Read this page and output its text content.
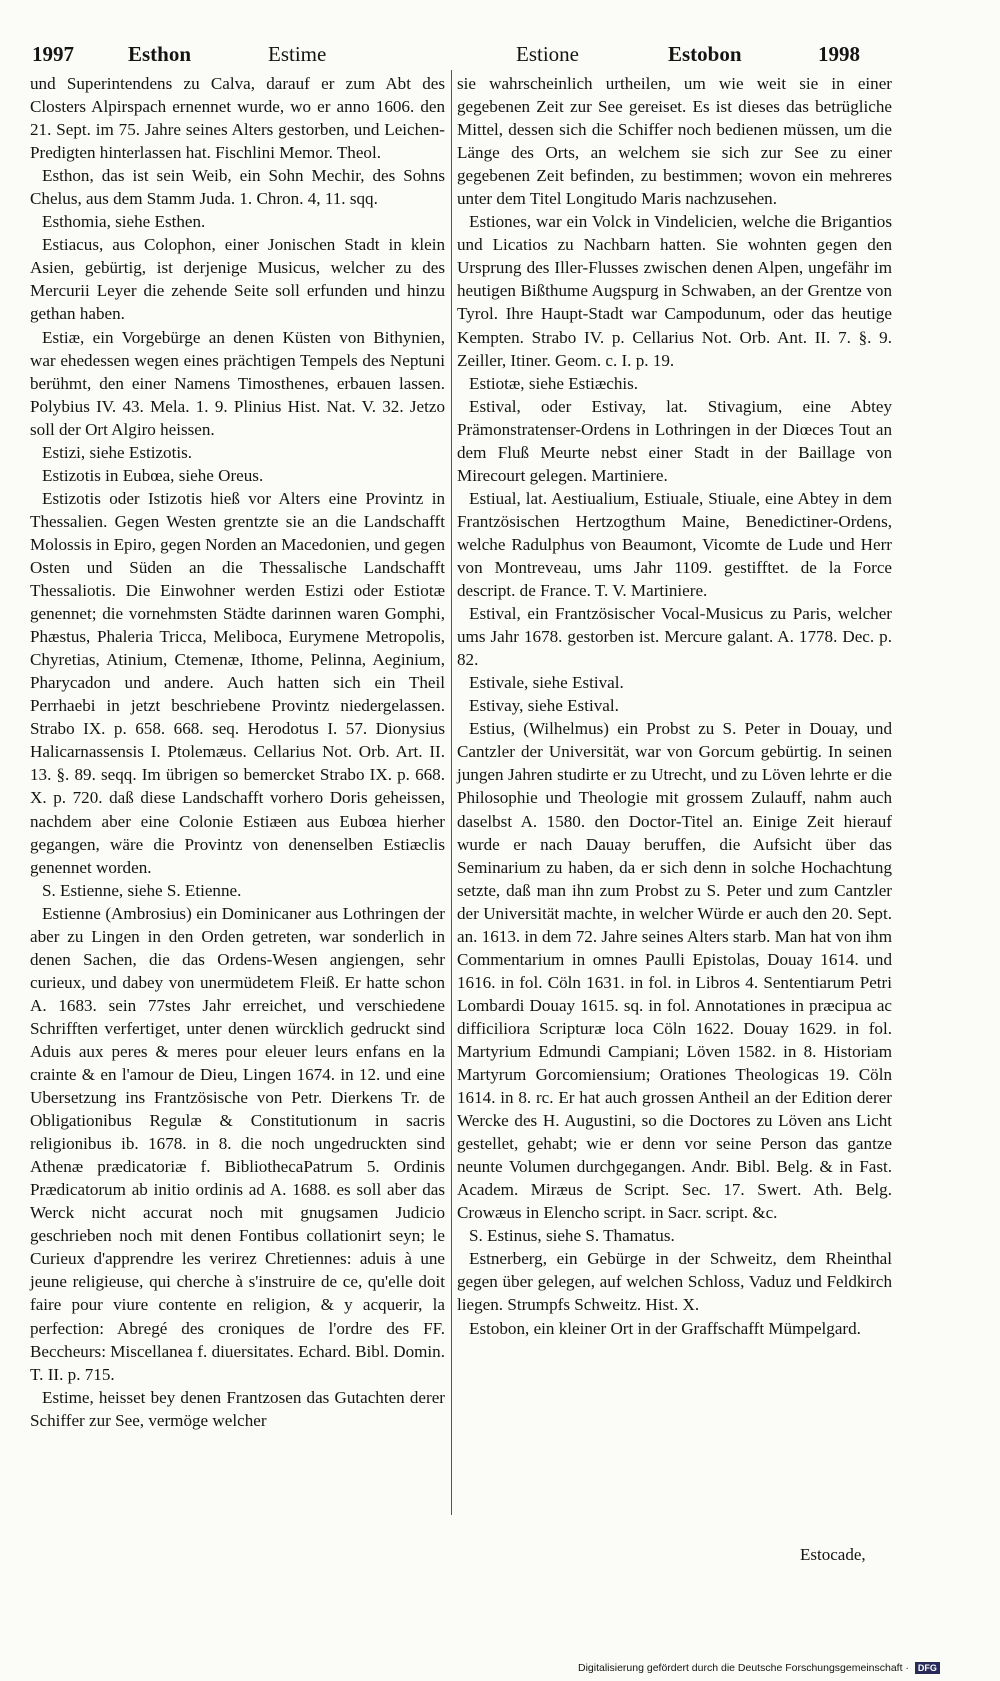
1997	Esthon	Estime	Estione	Estobon	1998

und Superintendens zu Calva, darauf er zum Abt des Closters Alpirspach ernennet wurde, wo er anno 1606. den 21. Sept. im 75. Jahre seines Alters gestorben, und Leichen-Predigten hinterlassen hat. Fischlini Memor. Theol.

Esthon, das ist sein Weib, ein Sohn Mechir, des Sohns Chelus, aus dem Stamm Juda. 1. Chron. 4, 11. sqq.

Esthomia, siehe Esthen.

Estiacus, aus Colophon, einer Jonischen Stadt in klein Asien, gebürtig, ist derjenige Musicus, welcher zu des Mercurii Leyer die zehende Seite soll erfunden und hinzu gethan haben.

Estiæ, ein Vorgebürge an denen Küsten von Bithynien, war ehedessen wegen eines prächtigen Tempels des Neptuni berühmt, den einer Namens Timosthenes, erbauen lassen. Polybius IV. 43. Mela. 1. 9. Plinius Hist. Nat. V. 32. Jetzo soll der Ort Algiro heissen.

Estizi, siehe Estizotis.

Estizotis in Eubœa, siehe Oreus.

Estizotis oder Istizotis hieß vor Alters eine Provintz in Thessalien. Gegen Westen grentzte sie an die Landschafft Molossis in Epiro, gegen Norden an Macedonien, und gegen Osten und Süden an die Thessalische Landschafft Thessaliotis. Die Einwohner werden Estizi oder Estiotæ genennet; die vornehmsten Städte darinnen waren Gomphi, Phæstus, Phaleria Tricca, Meliboca, Eurymene Metropolis, Chyretias, Atinium, Ctemenæ, Ithome, Pelinna, Aeginium, Pharycadon und andere. Auch hatten sich ein Theil Perrhaebi in jetzt beschriebene Provintz niedergelassen. Strabo IX. p. 658. 668. seq. Herodotus I. 57. Dionysius Halicarnassensis I. Ptolemæus. Cellarius Not. Orb. Art. II. 13. §. 89. seqq. Im übrigen so bemercket Strabo IX. p. 668. X. p. 720. daß diese Landschafft vorhero Doris geheissen, nachdem aber eine Colonie Estiæen aus Eubœa hierher gegangen, wäre die Provintz von denenselben Estiæclis genennet worden.

S. Estienne, siehe S. Etienne.

Estienne (Ambrosius) ein Dominicaner aus Lothringen der aber zu Lingen in den Orden getreten, war sonderlich in denen Sachen, die das Ordens-Wesen angiengen, sehr curieux, und dabey von unermüdetem Fleiß. Er hatte schon A. 1683. sein 77stes Jahr erreichet, und verschiedene Schrifften verfertiget, unter denen würcklich gedruckt sind Aduis aux peres & meres pour eleuer leurs enfans en la crainte & en l'amour de Dieu, Lingen 1674. in 12. und eine Ubersetzung ins Frantzösische von Petr. Dierkens Tr. de Obligationibus Regulæ & Constitutionum in sacris religionibus ib. 1678. in 8. die noch ungedruckten sind Athenæ prædicatoriæ f. BibliothecaPatrum 5. Ordinis Prædicatorum ab initio ordinis ad A. 1688. es soll aber das Werck nicht accurat noch mit gnugsamen Judicio geschrieben noch mit denen Fontibus collationirt seyn; le Curieux d'apprendre les verirez Chretiennes: aduis à une jeune religieuse, qui cherche à s'instruire de ce, qu'elle doit faire pour viure contente en religion, & y acquerir, la perfection: Abregé des croniques de l'ordre des FF. Beccheurs: Miscellanea f. diuersitates. Echard. Bibl. Domin. T. II. p. 715.

Estime, heisset bey denen Frantzosen das Gutachten derer Schiffer zur See, vermöge welcher

sie wahrscheinlich urtheilen, um wie weit sie in einer gegebenen Zeit zur See gereiset. Es ist dieses das betrügliche Mittel, dessen sich die Schiffer noch bedienen müssen, um die Länge des Orts, an welchem sie sich zur See zu einer gegebenen Zeit befinden, zu bestimmen; wovon ein mehreres unter dem Titel Longitudo Maris nachzusehen.

Estiones, war ein Volck in Vindelicien, welche die Brigantios und Licatios zu Nachbarn hatten. Sie wohnten gegen den Ursprung des Iller-Flusses zwischen denen Alpen, ungefähr im heutigen Bißthume Augspurg in Schwaben, an der Grentze von Tyrol. Ihre Haupt-Stadt war Campodunum, oder das heutige Kempten. Strabo IV. p. Cellarius Not. Orb. Ant. II. 7. §. 9. Zeiller, Itiner. Geom. c. I. p. 19.

Estiotæ, siehe Estiæchis.

Estival, oder Estivay, lat. Stivagium, eine Abtey Prämonstratenser-Ordens in Lothringen in der Diœces Tout an dem Fluß Meurte nebst einer Stadt in der Baillage von Mirecourt gelegen. Martiniere.

Estiual, lat. Aestiualium, Estiuale, Stiuale, eine Abtey in dem Frantzösischen Hertzogthum Maine, Benedictiner-Ordens, welche Radulphus von Beaumont, Vicomte de Lude und Herr von Montreveau, ums Jahr 1109. gestifftet. de la Force descript. de France. T. V. Martiniere.

Estival, ein Frantzösischer Vocal-Musicus zu Paris, welcher ums Jahr 1678. gestorben ist. Mercure galant. A. 1778. Dec. p. 82.

Estivale, siehe Estival.

Estivay, siehe Estival.

Estius, (Wilhelmus) ein Probst zu S. Peter in Douay, und Cantzler der Universität, war von Gorcum gebürtig. In seinen jungen Jahren studirte er zu Utrecht, und zu Löven lehrte er die Philosophie und Theologie mit grossem Zulauff, nahm auch daselbst A. 1580. den Doctor-Titel an. Einige Zeit hierauf wurde er nach Dauay beruffen, die Aufsicht über das Seminarium zu haben, da er sich denn in solche Hochachtung setzte, daß man ihn zum Probst zu S. Peter und zum Cantzler der Universität machte, in welcher Würde er auch den 20. Sept. an. 1613. in dem 72. Jahre seines Alters starb. Man hat von ihm Commentarium in omnes Paulli Epistolas, Douay 1614. und 1616. in fol. Cöln 1631. in fol. in Libros 4. Sententiarum Petri Lombardi Douay 1615. sq. in fol. Annotationes in præcipua ac difficiliora Scripturæ loca Cöln 1622. Douay 1629. in fol. Martyrium Edmundi Campiani; Löven 1582. in 8. Historiam Martyrum Gorcomiensium; Orationes Theologicas 19. Cöln 1614. in 8. rc. Er hat auch grossen Antheil an der Edition derer Wercke des H. Augustini, so die Doctores zu Löven ans Licht gestellet, gehabt; wie er denn vor seine Person das gantze neunte Volumen durchgegangen. Andr. Bibl. Belg. & in Fast. Academ. Miræus de Script. Sec. 17. Swert. Ath. Belg. Crowæus in Elencho script. in Sacr. script. &c.

S. Estinus, siehe S. Thamatus.

Estnerberg, ein Gebürge in der Schweitz, dem Rheinthal gegen über gelegen, auf welchen Schloss, Vaduz und Feldkirch liegen. Strumpfs Schweitz. Hist. X.

Estobon, ein kleiner Ort in der Graffschafft Mümpelgard.

Estocade,
Digitalisierung gefördert durch die Deutsche Forschungsgemeinschaft · DFG
